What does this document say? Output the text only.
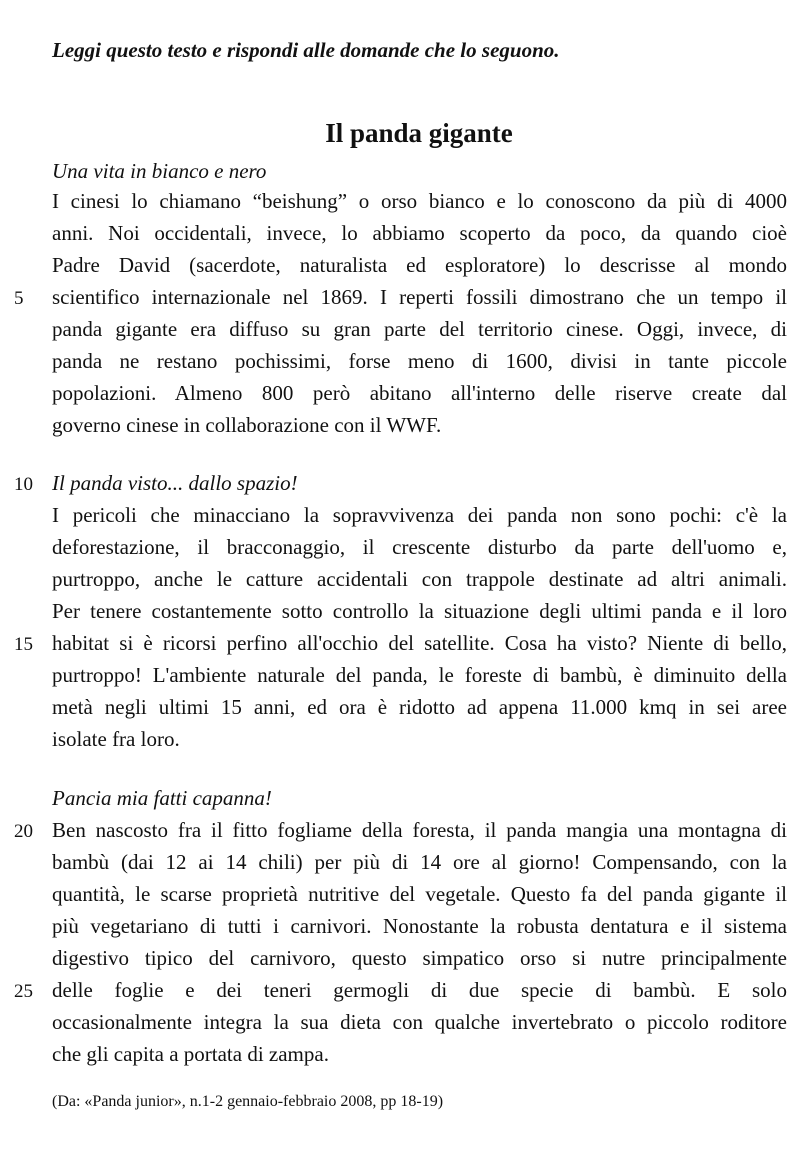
Leggi questo testo e rispondi alle domande che lo seguono.
Il panda gigante
Una vita in bianco e nero
I cinesi lo chiamano “beishung” o orso bianco e lo conoscono da più di 4000
anni. Noi occidentali, invece, lo abbiamo scoperto da poco, da quando cioè
Padre David (sacerdote, naturalista ed esploratore) lo descrisse al mondo
scientifico internazionale nel 1869. I reperti fossili dimostrano che un tempo il
panda gigante era diffuso su gran parte del territorio cinese. Oggi, invece, di
panda ne restano pochissimi, forse meno di 1600, divisi in tante piccole
popolazioni. Almeno 800 però abitano all'interno delle riserve create dal
governo cinese in collaborazione con il WWF.
Il panda visto... dallo spazio!
I pericoli che minacciano la sopravvivenza dei panda non sono pochi: c'è la
deforestazione, il bracconaggio, il crescente disturbo da parte dell'uomo e,
purtroppo, anche le catture accidentali con trappole destinate ad altri animali.
Per tenere costantemente sotto controllo la situazione degli ultimi panda e il loro
habitat si è ricorsi perfino all'occhio del satellite. Cosa ha visto? Niente di bello,
purtroppo! L'ambiente naturale del panda, le foreste di bambù, è diminuito della
metà negli ultimi 15 anni, ed ora è ridotto ad appena 11.000 kmq in sei aree
isolate fra loro.
Pancia mia fatti capanna!
Ben nascosto fra il fitto fogliame della foresta, il panda mangia una montagna di
bambù (dai 12 ai 14 chili) per più di 14 ore al giorno! Compensando, con la
quantità, le scarse proprietà nutritive del vegetale. Questo fa del panda gigante il
più vegetariano di tutti i carnivori. Nonostante la robusta dentatura e il sistema
digestivo tipico del carnivoro, questo simpatico orso si nutre principalmente
delle foglie e dei teneri germogli di due specie di bambù. E solo
occasionalmente integra la sua dieta con qualche invertebrato o piccolo roditore
che gli capita a portata di zampa.
5
10
15
20
25
(Da: «Panda junior», n.1-2 gennaio-febbraio 2008, pp 18-19)
